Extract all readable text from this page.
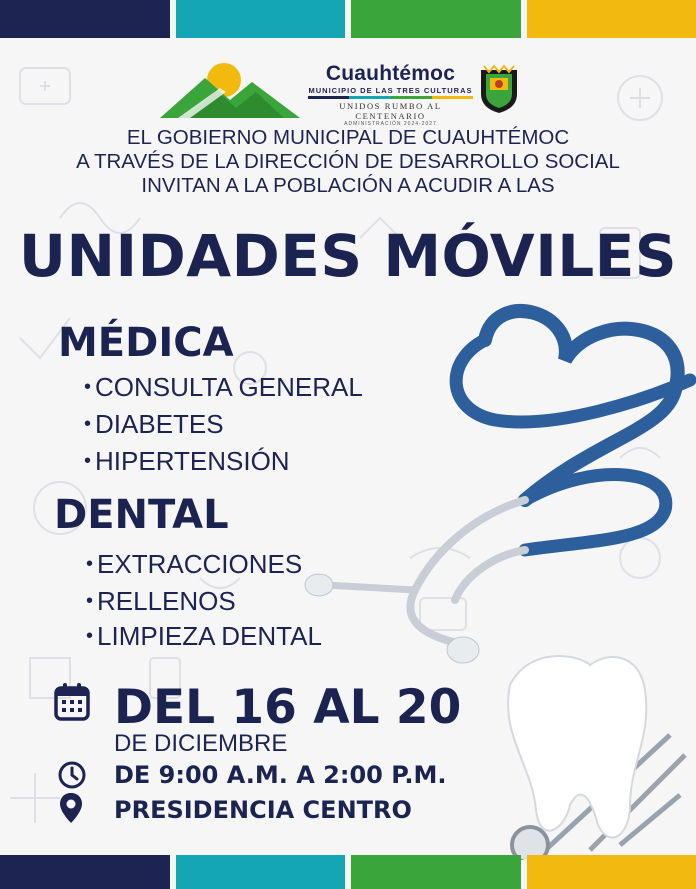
Cuauhtémoc
MUNICIPIO DE LAS TRES CULTURAS
UNIDOS RUMBO AL CENTENARIO
ADMINISTRACIÓN 2024-2027
EL GOBIERNO MUNICIPAL DE CUAUHTÉMOC
A TRAVÉS DE LA DIRECCIÓN DE DESARROLLO SOCIAL
INVITAN A LA POBLACIÓN A ACUDIR A LAS
UNIDADES MÓVILES
MÉDICA
• CONSULTA GENERAL
• DIABETES
• HIPERTENSIÓN
DENTAL
• EXTRACCIONES
• RELLENOS
• LIMPIEZA DENTAL
DEL 16 AL 20
DE DICIEMBRE
DE 9:00 A.M. A 2:00 P.M.
PRESIDENCIA CENTRO
